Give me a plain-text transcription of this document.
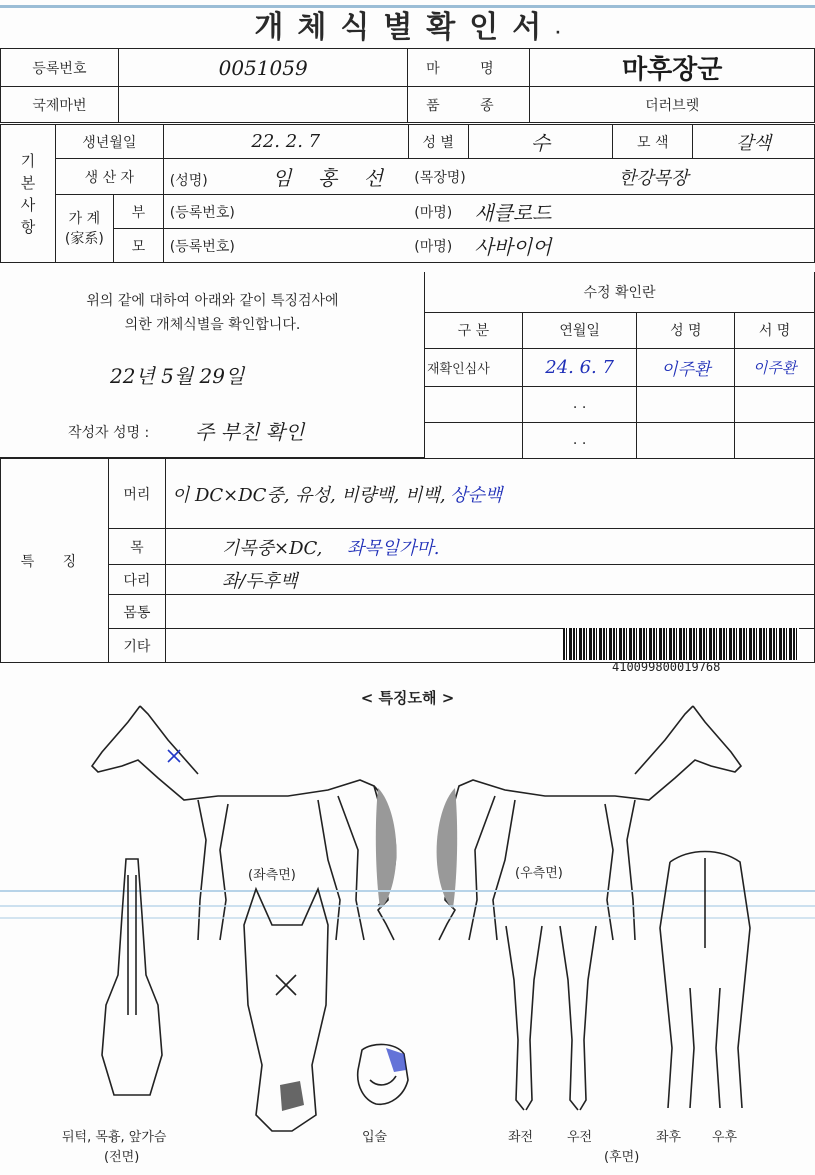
개체식별확인서·
등록번호	0051059	마 명	마후장군
국제마번		품 종	더러브렛
기
본
사
항	생년월일		22. 2. 7	성 별	수	모 색	갈색
	생 산 자		(성명) 임 홍 선	(목장명)		한강목장	

	가 계
(家系)	부	(등록번호)	(마명)	새클로드		
		모	(등록번호)	(마명)	사바이어		
위의 같에 대하여 아래와 같이 특징검사에
의한 개체식별을 확인합니다.
22년 5월 29일
작성자 성명 : 주 부친 확인
수정 확인란			
구 분	연월일	성 명	서 명
재확인심사	24. 6. 7	이주환	이주환
	. .		
	. .		
특 징	머리	이 DC×DC중, 유성, 비량백, 비백, 상순백
	목	기목중×DC, 좌목일가마.
	다리	좌/두후백
	몸통	
	기타	
410099800019768
< 특징도해 >
(좌측면)	(우측면)
입술	좌전	우전	좌후 우후
뒤턱, 목흉, 앞가슴
(전면)	(후면)
